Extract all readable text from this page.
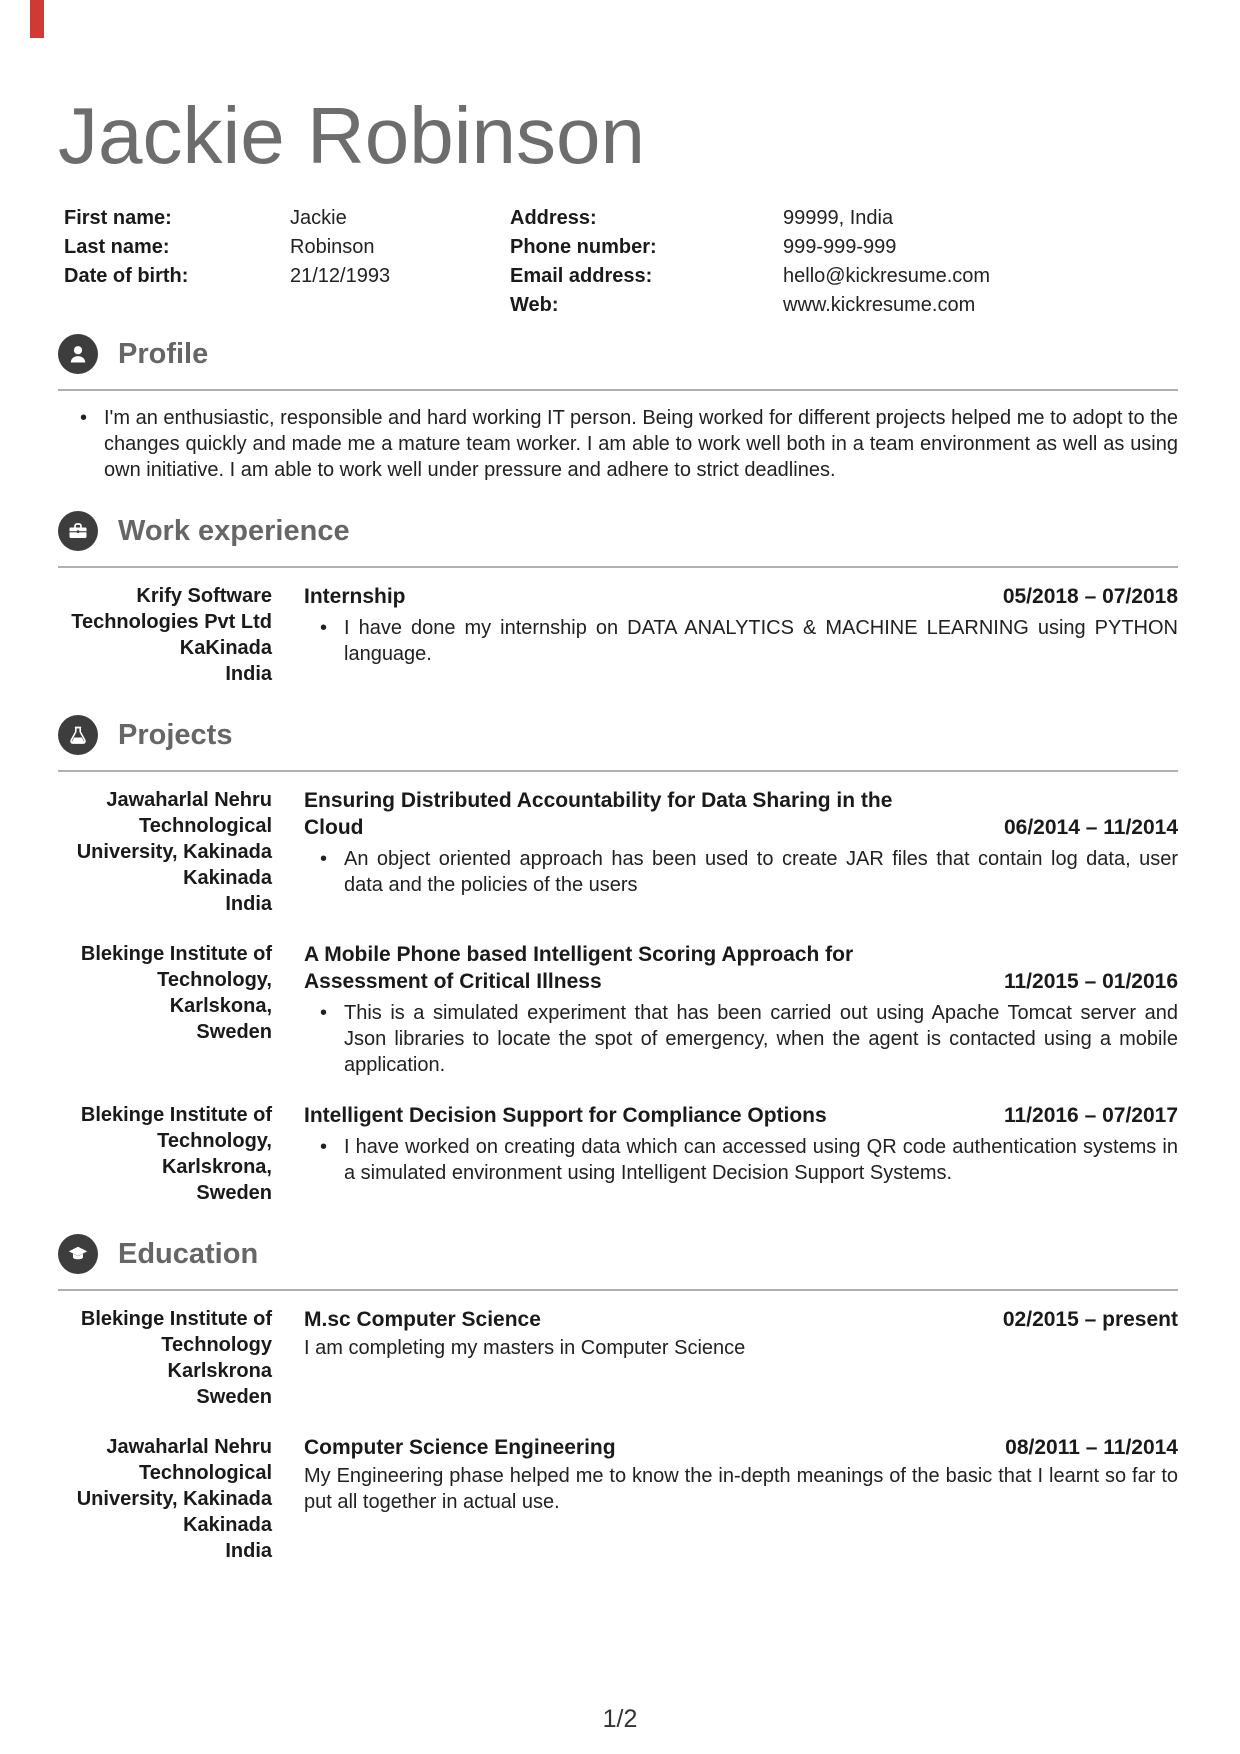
Jackie Robinson
First name:	Jackie
Last name:	Robinson
Date of birth:	21/12/1993
Address:	99999, India
Phone number:	999-999-999
Email address:	hello@kickresume.com
Web:	www.kickresume.com
Profile
• I'm an enthusiastic, responsible and hard working IT person. Being worked for different projects helped me to adopt to the changes quickly and made me a mature team worker. I am able to work well both in a team environment as well as using own initiative. I am able to work well under pressure and adhere to strict deadlines.
Work experience
Krify Software
Technologies Pvt Ltd
KaKinada
India
Internship	05/2018 – 07/2018
• I have done my internship on DATA ANALYTICS & MACHINE LEARNING using PYTHON language.
Projects
Jawaharlal Nehru
Technological
University, Kakinada
Kakinada
India
Ensuring Distributed Accountability for Data Sharing in the
Cloud	06/2014 – 11/2014
• An object oriented approach has been used to create JAR files that contain log data, user data and the policies of the users
Blekinge Institute of
Technology,
Karlskona,
Sweden
A Mobile Phone based Intelligent Scoring Approach for
Assessment of Critical Illness	11/2015 – 01/2016
• This is a simulated experiment that has been carried out using Apache Tomcat server and Json libraries to locate the spot of emergency, when the agent is contacted using a mobile application.
Blekinge Institute of
Technology,
Karlskrona,
Sweden
Intelligent Decision Support for Compliance Options	11/2016 – 07/2017
• I have worked on creating data which can accessed using QR code authentication systems in a simulated environment using Intelligent Decision Support Systems.
Education
Blekinge Institute of
Technology
Karlskrona
Sweden
M.sc Computer Science	02/2015 – present
I am completing my masters in Computer Science
Jawaharlal Nehru
Technological
University, Kakinada
Kakinada
India
Computer Science Engineering	08/2011 – 11/2014
My Engineering phase helped me to know the in-depth meanings of the basic that I learnt so far to put all together in actual use.
1/2
